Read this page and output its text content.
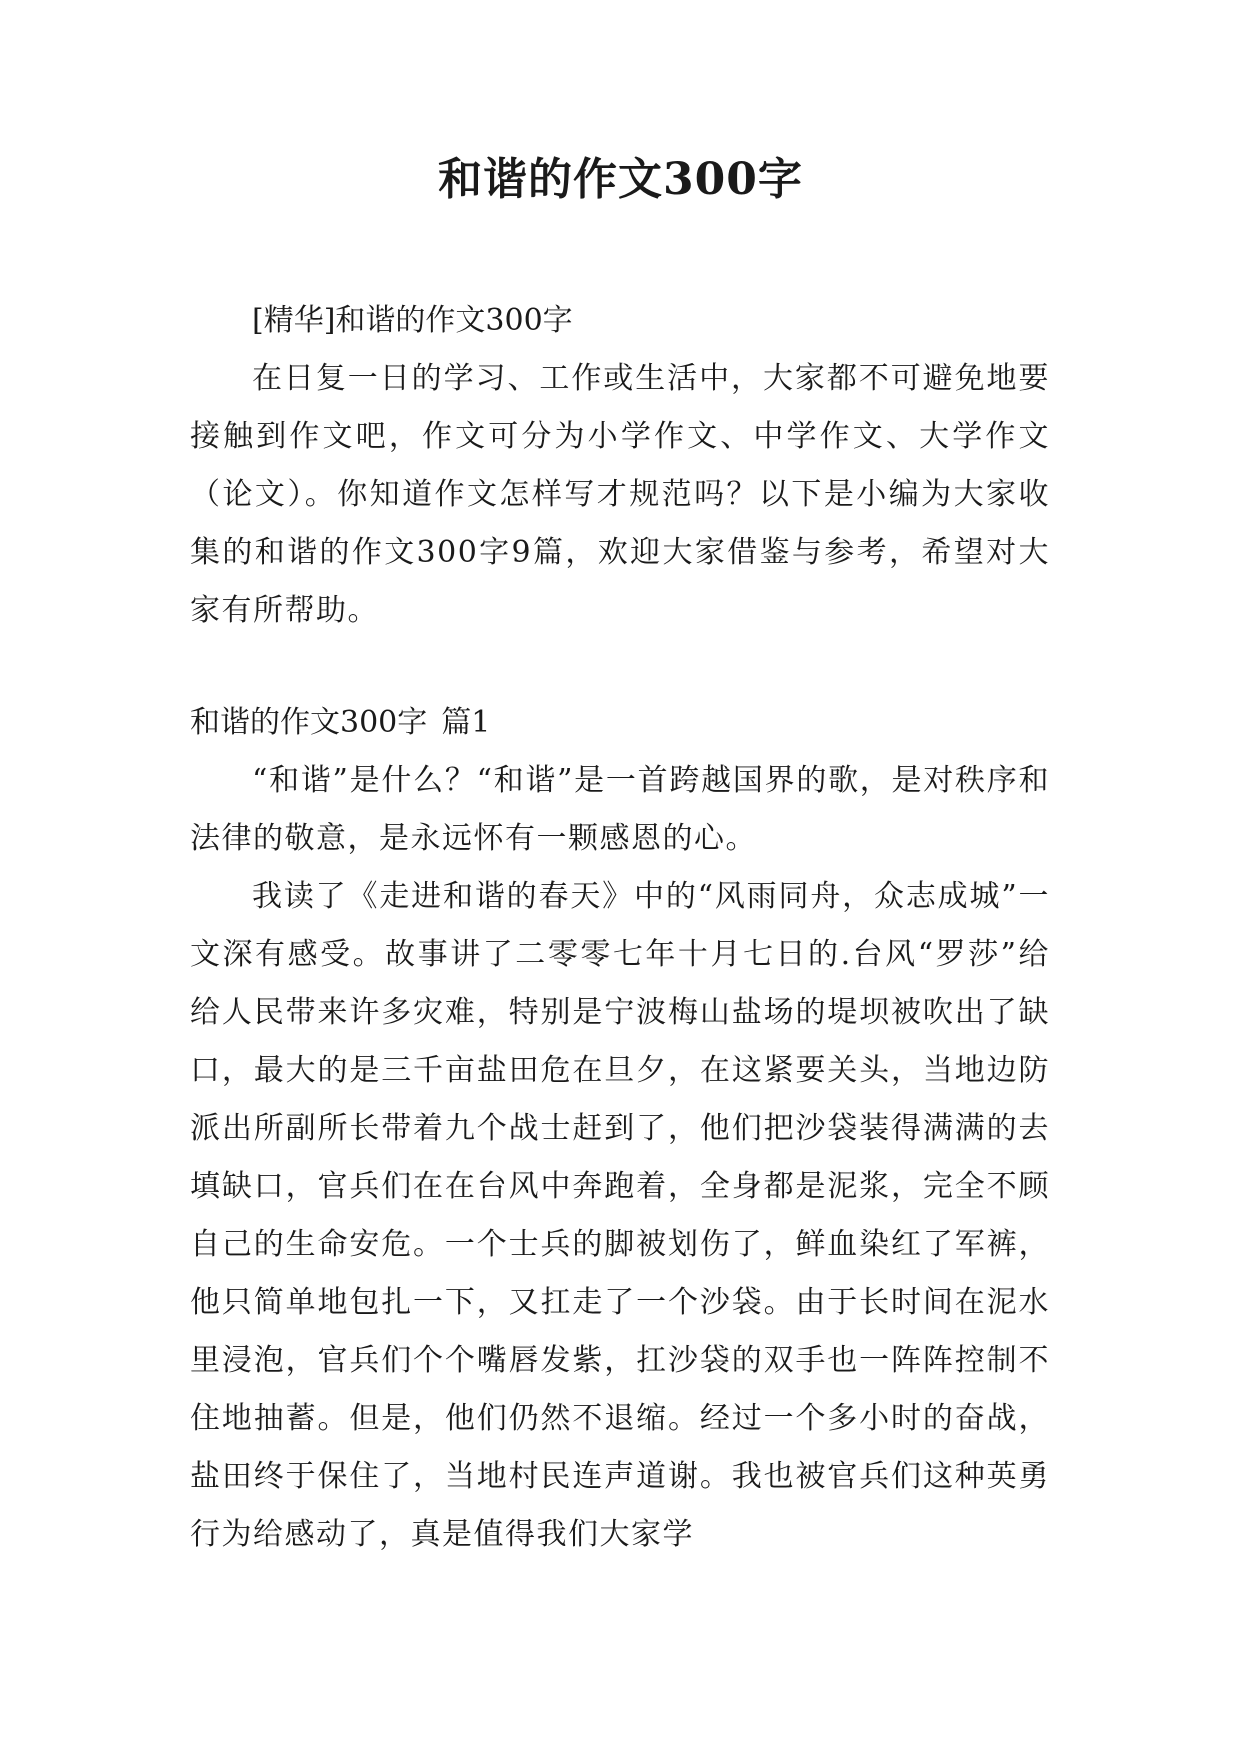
和谐的作文300字

[精华]和谐的作文300字

在日复一日的学习、工作或生活中，大家都不可避免地要接触到作文吧，作文可分为小学作文、中学作文、大学作文（论文）。你知道作文怎样写才规范吗？以下是小编为大家收集的和谐的作文300字9篇，欢迎大家借鉴与参考，希望对大家有所帮助。

和谐的作文300字 篇1

“和谐”是什么？“和谐”是一首跨越国界的歌，是对秩序和法律的敬意，是永远怀有一颗感恩的心。

我读了《走进和谐的春天》中的“风雨同舟，众志成城”一文深有感受。故事讲了二零零七年十月七日的.台风“罗莎”给给人民带来许多灾难，特别是宁波梅山盐场的堤坝被吹出了缺口，最大的是三千亩盐田危在旦夕，在这紧要关头，当地边防派出所副所长带着九个战士赶到了，他们把沙袋装得满满的去填缺口，官兵们在在台风中奔跑着，全身都是泥浆，完全不顾自己的生命安危。一个士兵的脚被划伤了，鲜血染红了军裤，他只简单地包扎一下，又扛走了一个沙袋。由于长时间在泥水里浸泡，官兵们个个嘴唇发紫，扛沙袋的双手也一阵阵控制不住地抽蓄。但是，他们仍然不退缩。经过一个多小时的奋战，盐田终于保住了，当地村民连声道谢。我也被官兵们这种英勇行为给感动了，真是值得我们大家学
